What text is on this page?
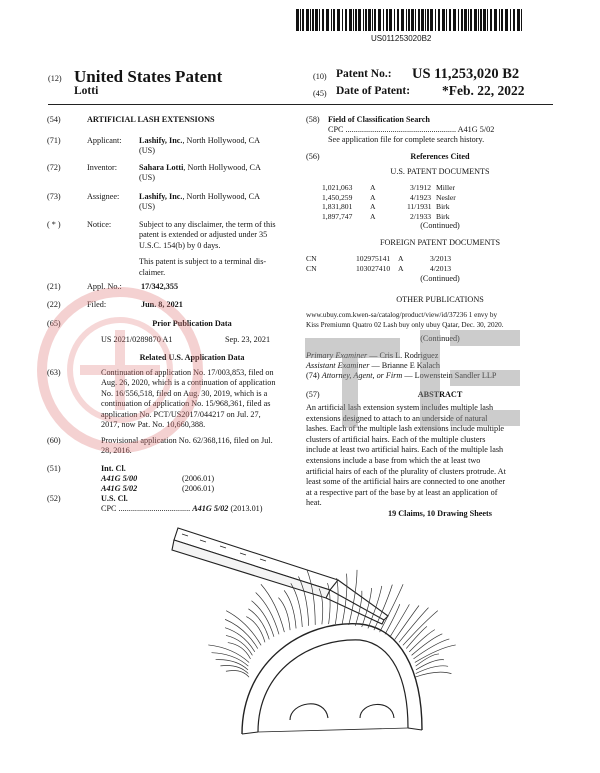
US011253020B2
(12) United States Patent
Lotti
(10) Patent No.: US 11,253,020 B2
(45) Date of Patent: *Feb. 22, 2022
(54)	ARTIFICIAL LASH EXTENSIONS
(71)	Applicant: Lashify, Inc., North Hollywood, CA
(US)
(72)	Inventor:	Sahara Lotti, North Hollywood, CA
(US)
(73)	Assignee: Lashify, Inc., North Hollywood, CA
(US)
( * )	Notice:	Subject to any disclaimer, the term of this
patent is extended or adjusted under 35
U.S.C. 154(b) by 0 days.
This patent is subject to a terminal dis-
claimer.
(21)	Appl. No.: 17/342,355
(22)	Filed:	Jun. 8, 2021
(65)	Prior Publication Data
US 2021/0289870 A1	Sep. 23, 2021
Related U.S. Application Data
(63)	Continuation of application No. 17/003,853, filed on
Aug. 26, 2020, which is a continuation of application
No. 16/556,518, filed on Aug. 30, 2019, which is a
continuation of application No. 15/968,361, filed as
application No. PCT/US2017/044217 on Jul. 27,
2017, now Pat. No. 10,660,388.
(60)	Provisional application No. 62/368,116, filed on Jul.
28, 2016.
(51)	Int. Cl.
A41G 5/00	(2006.01)
A41G 5/02	(2006.01)
(52)	U.S. Cl.
CPC ................................... A41G 5/02 (2013.01)
(58) Field of Classification Search
CPC ...................................................... A41G 5/02
See application file for complete search history.
(56)	References Cited
U.S. PATENT DOCUMENTS
1,021,063 A	3/1912 Miller
1,450,259 A	4/1923 Nesler
1,831,801 A	11/1931 Birk
1,897,747 A	2/1933 Birk
(Continued)
FOREIGN PATENT DOCUMENTS
CN	102975141 A	3/2013
CN	103027410 A	4/2013
(Continued)
OTHER PUBLICATIONS
www.ubuy.com.kwen-sa/catalog/product/view/id/37236 1 envy by
Kiss Premiumn Quatro 02 Lash buy only ubuy Qatar, Dec. 30, 2020.
(Continued)
Primary Examiner — Cris L. Rodriguez
Assistant Examiner — Brianne E Kalach
(74) Attorney, Agent, or Firm — Lowenstein Sandler LLP
(57)	ABSTRACT
An artificial lash extension system includes multiple lash
extensions designed to attach to an underside of natural
lashes. Each of the multiple lash extensions include multiple
clusters of artificial hairs. Each of the multiple clusters
include at least two artificial hairs. Each of the multiple lash
extensions include a base from which the at least two
artificial hairs of each of the plurality of clusters protrude. At
least some of the artificial hairs are connected to one another
at a respective part of the base by at least an application of
heat.
19 Claims, 10 Drawing Sheets
